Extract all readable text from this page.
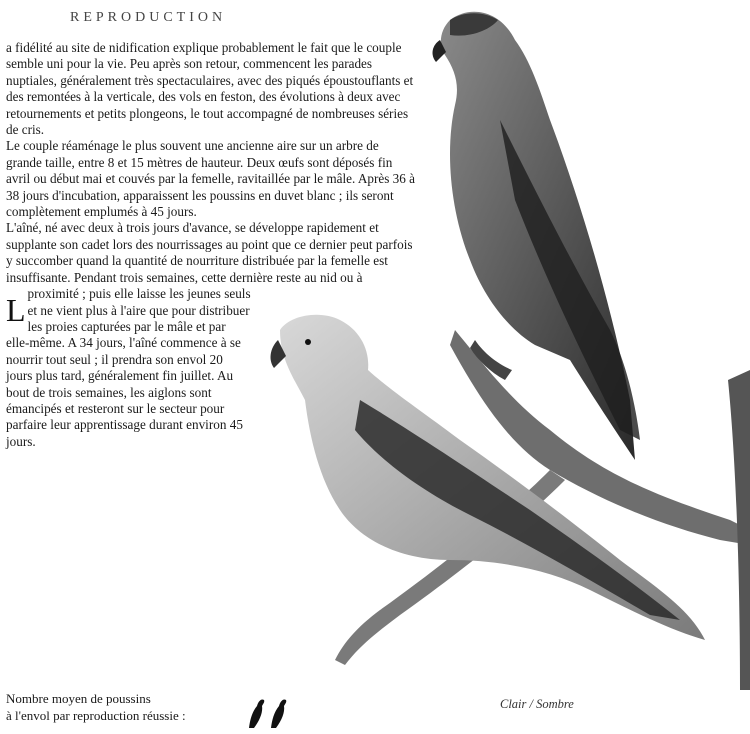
REPRODUCTION

L
a fidélité au site de nidification explique probablement le fait que le couple semble uni pour la vie. Peu après son retour, commencent les parades nuptiales, généralement très spectaculaires, avec des piqués époustouflants et des remontées à la verticale, des vols en feston, des évolutions à deux avec retournements et petits plongeons, le tout accompagné de nombreuses séries de cris.

Le couple réaménage le plus souvent une ancienne aire sur un arbre de grande taille, entre 8 et 15 mètres de hauteur. Deux œufs sont déposés fin avril ou début mai et couvés par la femelle, ravitaillée par le mâle. Après 36 à 38 jours d'incubation, apparaissent les poussins en duvet blanc ; ils seront complètement emplumés à 45 jours.

L'aîné, né avec deux à trois jours d'avance, se développe rapidement et supplante son cadet lors des nourrissages au point que ce dernier peut parfois y succomber quand la quantité de nourriture distribuée par la femelle est insuffisante. Pendant trois semaines, cette dernière reste au nid ou à proximité ; puis elle laisse les jeunes seuls et ne vient plus à l'aire que pour distribuer les proies capturées par le mâle et par elle-même. A 34 jours, l'aîné commence à se nourrir tout seul ; il prendra son envol 20 jours plus tard, généralement fin juillet. Au bout de trois semaines, les aiglons sont émancipés et resteront sur le secteur pour parfaire leur apprentissage durant environ 45 jours.

Nombre moyen de poussins
à l'envol par reproduction réussie :
Clair / Sombre
